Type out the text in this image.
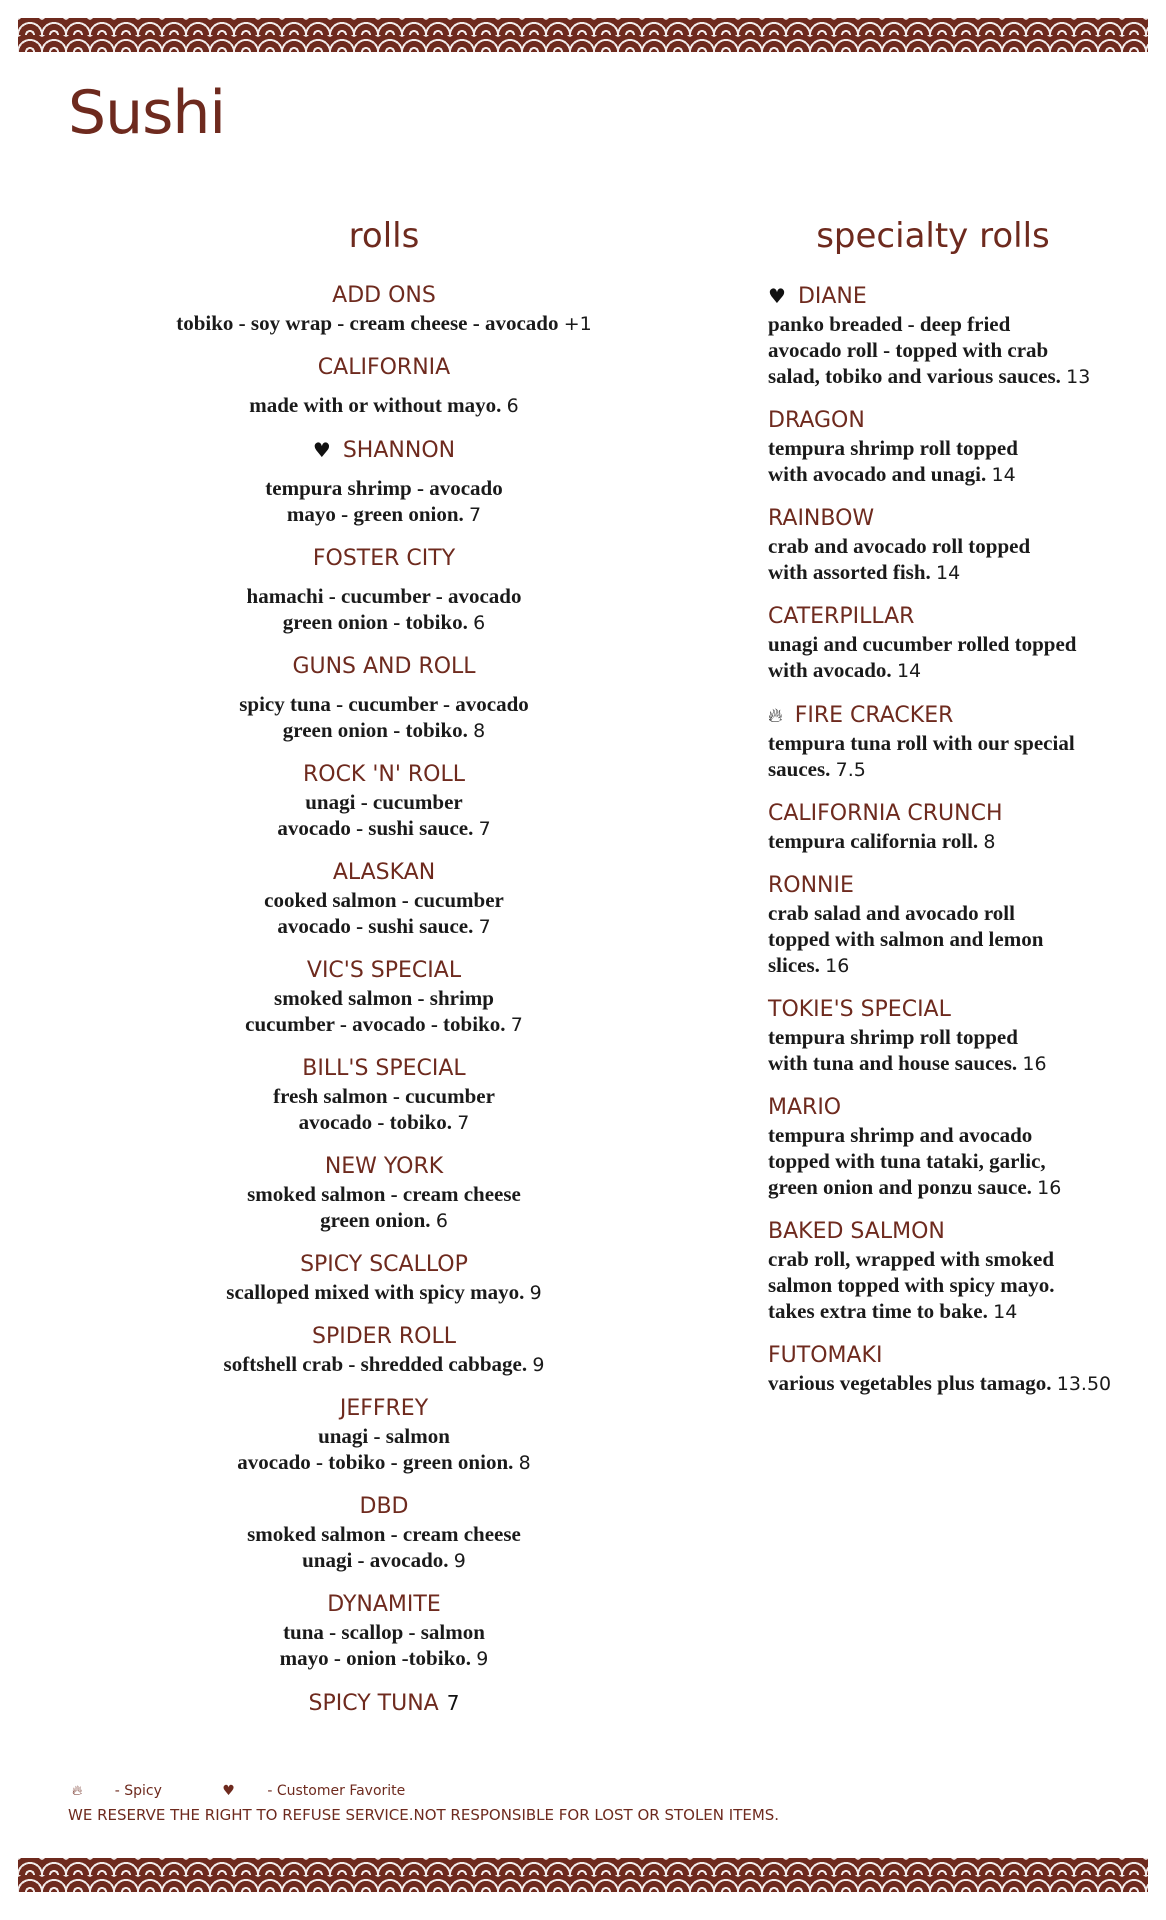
Sushi
rolls
ADD ONS
tobiko - soy wrap - cream cheese - avocado +1
CALIFORNIA
made with or without mayo. 6
♥ SHANNON
tempura shrimp - avocado
mayo - green onion. 7
FOSTER CITY
hamachi - cucumber - avocado
green onion - tobiko. 6
GUNS AND ROLL
spicy tuna - cucumber - avocado
green onion - tobiko. 8
ROCK 'N' ROLL
unagi - cucumber
avocado - sushi sauce. 7
ALASKAN
cooked salmon - cucumber
avocado - sushi sauce. 7
VIC'S SPECIAL
smoked salmon - shrimp
cucumber - avocado - tobiko. 7
BILL'S SPECIAL
fresh salmon - cucumber
avocado - tobiko. 7
NEW YORK
smoked salmon - cream cheese
green onion. 6
SPICY SCALLOP
scalloped mixed with spicy mayo. 9
SPIDER ROLL
softshell crab - shredded cabbage. 9
JEFFREY
unagi - salmon
avocado - tobiko - green onion. 8
DBD
smoked salmon - cream cheese
unagi - avocado. 9
DYNAMITE
tuna - scallop - salmon
mayo - onion -tobiko. 9
SPICY TUNA 7
specialty rolls
♥ DIANE
panko breaded - deep fried
avocado roll - topped with crab
salad, tobiko and various sauces. 13
DRAGON
tempura shrimp roll topped
with avocado and unagi. 14
RAINBOW
crab and avocado roll topped
with assorted fish. 14
CATERPILLAR
unagi and cucumber rolled topped
with avocado. 14
🔥︎ FIRE CRACKER
tempura tuna roll with our special
sauces. 7.5
CALIFORNIA CRUNCH
tempura california roll. 8
RONNIE
crab salad and avocado roll
topped with salmon and lemon
slices. 16
TOKIE'S SPECIAL
tempura shrimp roll topped
with tuna and house sauces. 16
MARIO
tempura shrimp and avocado
topped with tuna tataki, garlic,
green onion and ponzu sauce. 16
BAKED SALMON
crab roll, wrapped with smoked
salmon topped with spicy mayo.
takes extra time to bake. 14
FUTOMAKI
various vegetables plus tamago. 13.50
🔥︎ - Spicy	♥ - Customer Favorite
WE RESERVE THE RIGHT TO REFUSE SERVICE.NOT RESPONSIBLE FOR LOST OR STOLEN ITEMS.
